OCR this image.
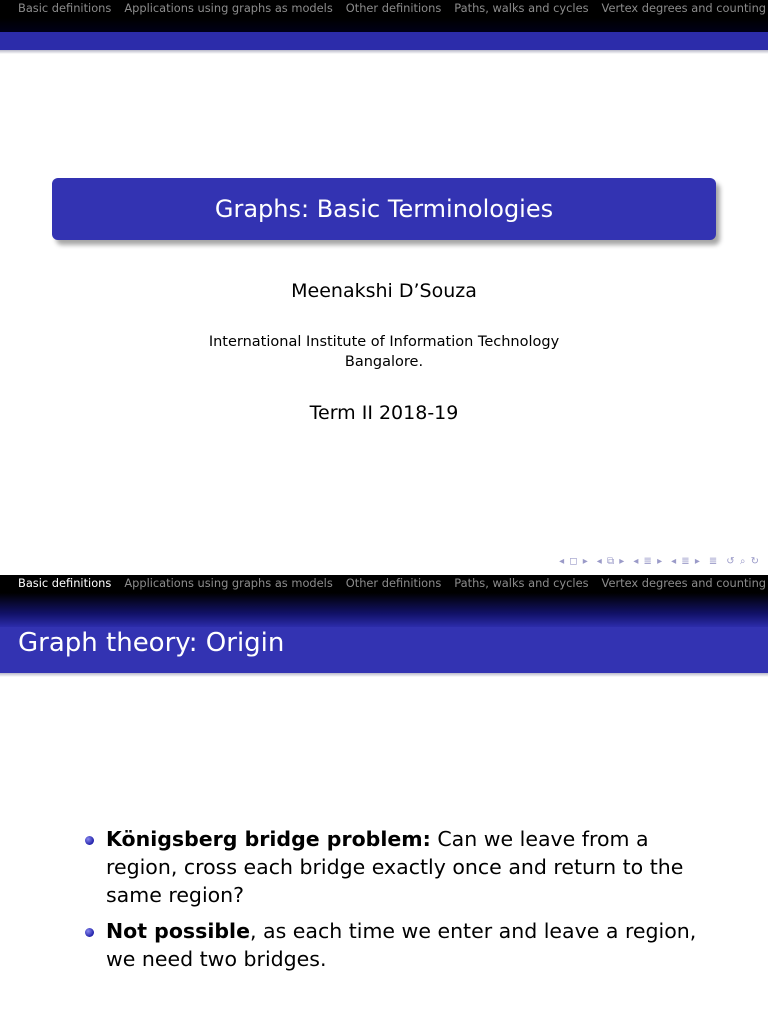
Basic definitions Applications using graphs as models Other definitions Paths, walks and cycles Vertex degrees and counting
Graphs: Basic Terminologies
Meenakshi D’Souza
International Institute of Information Technology
Bangalore.
Term II 2018-19
◂ ◻ ▸ ◂ ⧉ ▸ ◂ ≣ ▸ ◂ ≣ ▸ ≣ ↺ ⌕ ↻
Basic definitions Applications using graphs as models Other definitions Paths, walks and cycles Vertex degrees and counting
Graph theory: Origin
Königsberg bridge problem: Can we leave from a region, cross each bridge exactly once and return to the same region?
Not possible, as each time we enter and leave a region, we need two bridges.
